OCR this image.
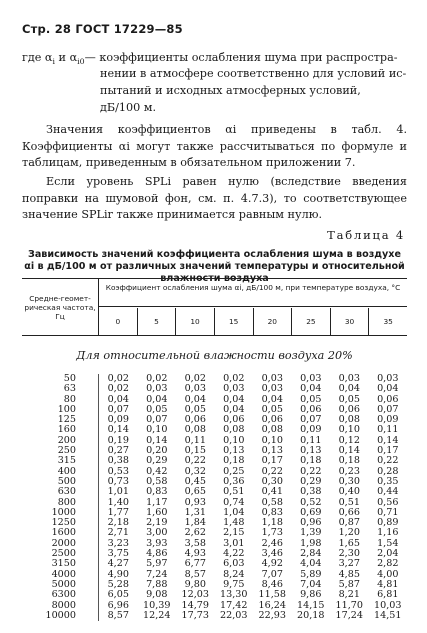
Стр. 28 ГОСТ 17229—85
где $\alpha_i$ и $\alpha_{i0}—$ коэффициенты ослабления шума при распростра-
нении в атмосфере соответственно для условий ис-
пытаний и исходных атмосферных условий,
дБ/100 м.
Значения коэффициентов αi приведены в табл. 4. Коэффициенты αi могут также рассчитываться по формуле и таблицам, приведенным в обязательном приложении 7.
Если уровень SPLi равен нулю (вследствие введения поправки на шумовой фон, см. п. 4.7.3), то соответствующее значение SPLir также принимается равным нулю.
Таблица 4
Зависимость значений коэффициента ослабления шума в воздухе αi в дБ/100 м от различных значений температуры и относительной влажности воздуха
Средне-геомет-рическая частота, Гц
Коэффициент ослабления шума αi, дБ/100 м, при температуре воздуха, °С
0	5	10	15	20	25	30	35
Для относительной влажности воздуха 20%
50	0,02	0,02	0,02	0,02	0,03	0,03	0,03	0,03
63	0,02	0,03	0,03	0,03	0,03	0,04	0,04	0,04
80	0,04	0,04	0,04	0,04	0,04	0,05	0,05	0,06
100	0,07	0,05	0,05	0,04	0,05	0,06	0,06	0,07
125	0,09	0,07	0,06	0,06	0,06	0,07	0,08	0,09
160	0,14	0,10	0,08	0,08	0,08	0,09	0,10	0,11
200	0,19	0,14	0,11	0,10	0,10	0,11	0,12	0,14
250	0,27	0,20	0,15	0,13	0,13	0,13	0,14	0,17
315	0,38	0,29	0,22	0,18	0,17	0,18	0,18	0,22
400	0,53	0,42	0,32	0,25	0,22	0,22	0,23	0,28
500	0,73	0,58	0,45	0,36	0,30	0,29	0,30	0,35
630	1,01	0,83	0,65	0,51	0,41	0,38	0,40	0,44
800	1,40	1,17	0,93	0,74	0,58	0,52	0,51	0,56
1000	1,77	1,60	1,31	1,04	0,83	0,69	0,66	0,71
1250	2,18	2,19	1,84	1,48	1,18	0,96	0,87	0,89
1600	2,71	3,00	2,62	2,15	1,73	1,39	1,20	1,16
2000	3,23	3,93	3,58	3,01	2,46	1,98	1,65	1,54
2500	3,75	4,86	4,93	4,22	3,46	2,84	2,30	2,04
3150	4,27	5,97	6,77	6,03	4,92	4,04	3,27	2,82
4000	4,90	7,24	8,57	8,24	7,07	5,89	4,85	4,00
5000	5,28	7,88	9,80	9,75	8,46	7,04	5,87	4,81
6300	6,05	9,08	12,03	13,30	11,58	9,86	8,21	6,81
8000	6,96	10,39	14,79	17,42	16,24	14,15	11,70	10,03
10000	8,57	12,24	17,73	22,03	22,93	20,18	17,24	14,51
